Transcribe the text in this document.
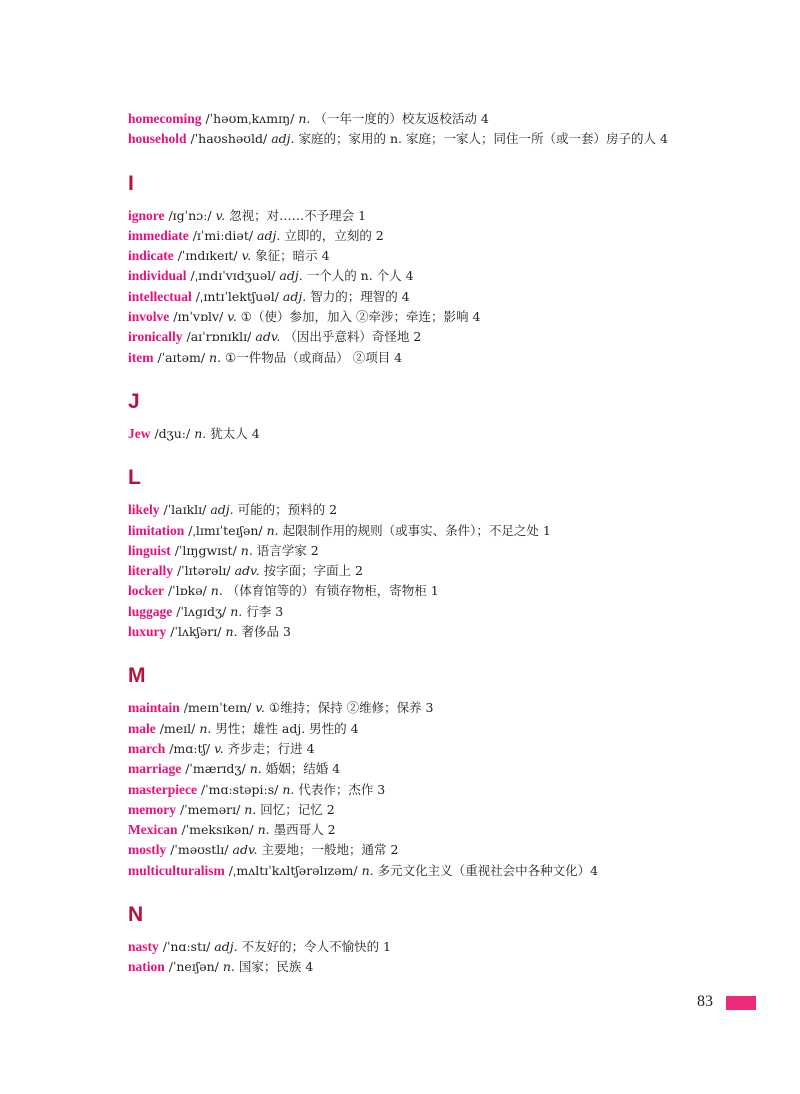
homecoming /ˈhəʊmˌkʌmɪŋ/ n. （一年一度的）校友返校活动 4

household /ˈhaʊshəʊld/ adj. 家庭的；家用的 n. 家庭；一家人；同住一所（或一套）房子的人 4

I

ignore /ɪgˈnɔː/ v. 忽视；对……不予理会 1

immediate /ɪˈmiːdiət/ adj. 立即的，立刻的 2

indicate /ˈɪndɪkeɪt/ v. 象征；暗示 4

individual /ˌɪndɪˈvɪdʒuəl/ adj. 一个人的 n. 个人 4

intellectual /ˌɪntɪˈlektʃuəl/ adj. 智力的；理智的 4

involve /ɪnˈvɒlv/ v. ①（使）参加，加入 ②牵涉；牵连；影响 4

ironically /aɪˈrɒnɪklɪ/ adv. （因出乎意料）奇怪地 2

item /ˈaɪtəm/ n. ①一件物品（或商品） ②项目 4

J

Jew /dʒuː/ n. 犹太人 4

L

likely /ˈlaɪklɪ/ adj. 可能的；预料的 2

limitation /ˌlɪmɪˈteɪʃən/ n. 起限制作用的规则（或事实、条件）；不足之处 1

linguist /ˈlɪŋgwɪst/ n. 语言学家 2

literally /ˈlɪtərəlɪ/ adv. 按字面；字面上 2

locker /ˈlɒkə/ n. （体育馆等的）有锁存物柜，寄物柜 1

luggage /ˈlʌgɪdʒ/ n. 行李 3

luxury /ˈlʌkʃərɪ/ n. 奢侈品 3

M

maintain /meɪnˈteɪn/ v. ①维持；保持 ②维修；保养 3

male /meɪl/ n. 男性；雄性 adj. 男性的 4

march /mɑːtʃ/ v. 齐步走；行进 4

marriage /ˈmærɪdʒ/ n. 婚姻；结婚 4

masterpiece /ˈmɑːstəpiːs/ n. 代表作；杰作 3

memory /ˈmemərɪ/ n. 回忆；记忆 2

Mexican /ˈmeksɪkən/ n. 墨西哥人 2

mostly /ˈməʊstlɪ/ adv. 主要地；一般地；通常 2

multiculturalism /ˌmʌltɪˈkʌltʃərəlɪzəm/ n. 多元文化主义（重视社会中各种文化）4

N

nasty /ˈnɑːstɪ/ adj. 不友好的；令人不愉快的 1

nation /ˈneɪʃən/ n. 国家；民族 4

83
